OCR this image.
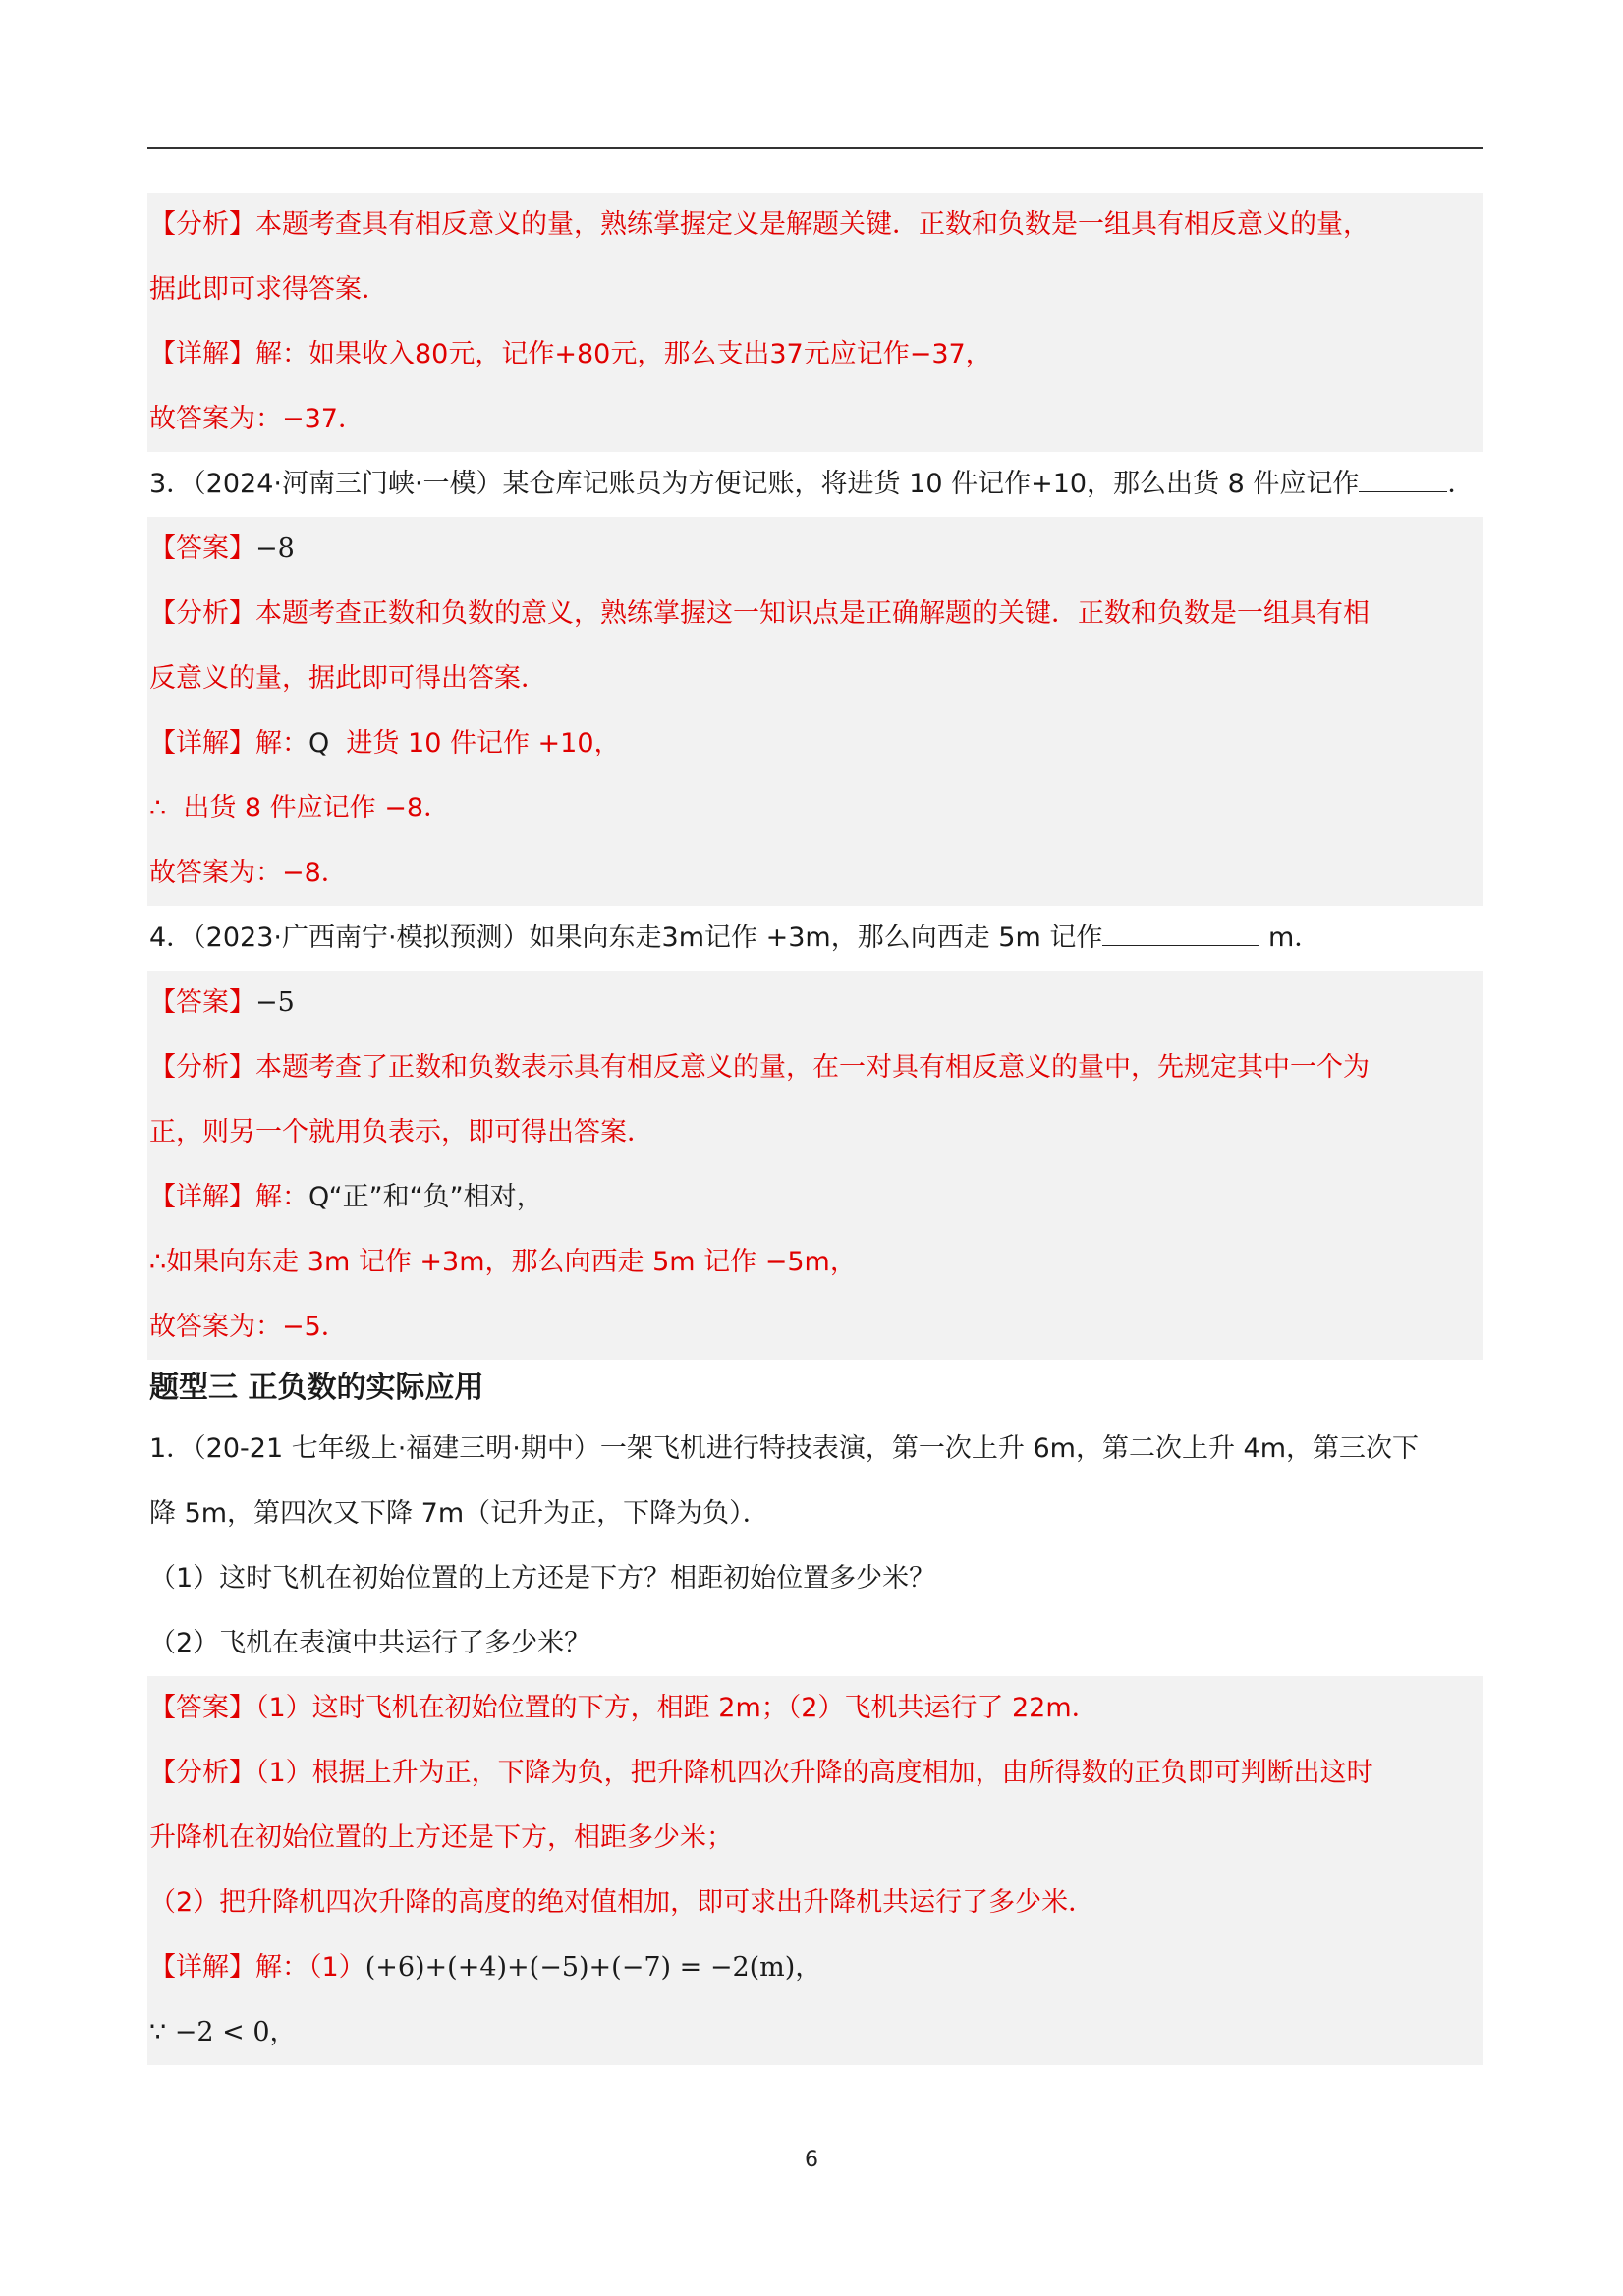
【分析】本题考查具有相反意义的量，熟练掌握定义是解题关键．正数和负数是一组具有相反意义的量，

据此即可求得答案．

【详解】解：如果收入80元，记作+80元，那么支出37元应记作−37，

故答案为：−37．

3．（2024·河南三门峡·一模）某仓库记账员为方便记账，将进货 10 件记作+10，那么出货 8 件应记作	．

【答案】−8

【分析】本题考查正数和负数的意义，熟练掌握这一知识点是正确解题的关键．正数和负数是一组具有相

反意义的量，据此即可得出答案．

【详解】解：Q  进货 10 件记作 +10，

∴  出货 8 件应记作 −8．

故答案为：−8．

4．（2023·广西南宁·模拟预测）如果向东走3m记作 +3m，那么向西走 5m 记作	m．

【答案】−5

【分析】本题考查了正数和负数表示具有相反意义的量，在一对具有相反意义的量中，先规定其中一个为

正，则另一个就用负表示，即可得出答案．

【详解】解：Q“正”和“负”相对，

∴如果向东走 3m 记作 +3m，那么向西走 5m 记作 −5m，

故答案为：−5．

题型三 正负数的实际应用

1．（20-21 七年级上·福建三明·期中）一架飞机进行特技表演，第一次上升 6m，第二次上升 4m，第三次下

降 5m，第四次又下降 7m（记升为正，下降为负）．

（1）这时飞机在初始位置的上方还是下方？相距初始位置多少米？

（2）飞机在表演中共运行了多少米？

【答案】（1）这时飞机在初始位置的下方，相距 2m；（2）飞机共运行了 22m．

【分析】（1）根据上升为正，下降为负，把升降机四次升降的高度相加，由所得数的正负即可判断出这时

升降机在初始位置的上方还是下方，相距多少米；

（2）把升降机四次升降的高度的绝对值相加，即可求出升降机共运行了多少米．

【详解】解：（1）(+6)+(+4)+(−5)+(−7) = −2(m)，

∵ −2 < 0，

6
